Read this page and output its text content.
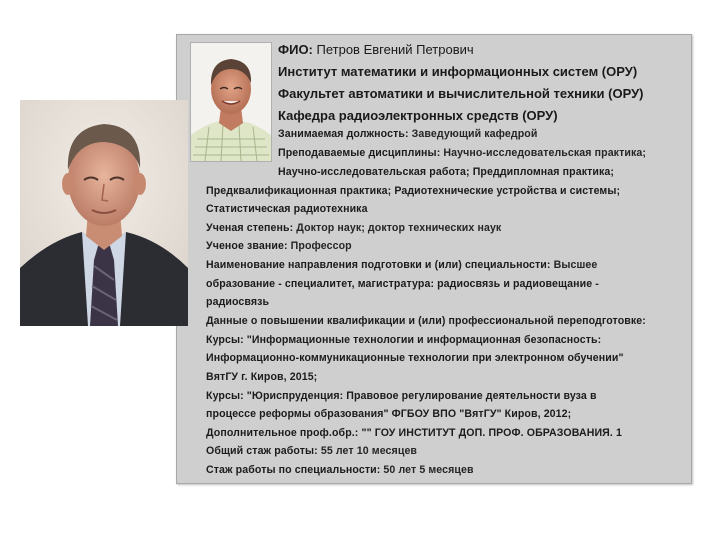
ФИО: Петров Евгений Петрович
Институт математики и информационных систем (ОРУ)
Факультет автоматики и вычислительной техники (ОРУ)
Кафедра радиоэлектронных средств (ОРУ)
Занимаемая должность: Заведующий кафедрой
Преподаваемые дисциплины: Научно-исследовательская практика;
Научно-исследовательская работа; Преддипломная практика;
Предквалификационная практика; Радиотехнические устройства и системы;
Статистическая радиотехника
Ученая степень: Доктор наук; доктор технических наук
Ученое звание: Профессор
Наименование направления подготовки и (или) специальности: Высшее
образование - специалитет, магистратура: радиосвязь и радиовещание -
радиосвязь
Данные о повышении квалификации и (или) профессиональной переподготовке:
Курсы: "Информационные технологии и информационная безопасность:
Информационно-коммуникационные технологии при электронном обучении"
ВятГУ г. Киров, 2015;
Курсы: "Юриспруденция: Правовое регулирование деятельности вуза в
процессе реформы образования" ФГБОУ ВПО "ВятГУ" Киров, 2012;
Дополнительное проф.обр.: "" ГОУ ИНСТИТУТ ДОП. ПРОФ. ОБРАЗОВАНИЯ. 1
Общий стаж работы: 55 лет 10 месяцев
Стаж работы по специальности: 50 лет 5 месяцев
